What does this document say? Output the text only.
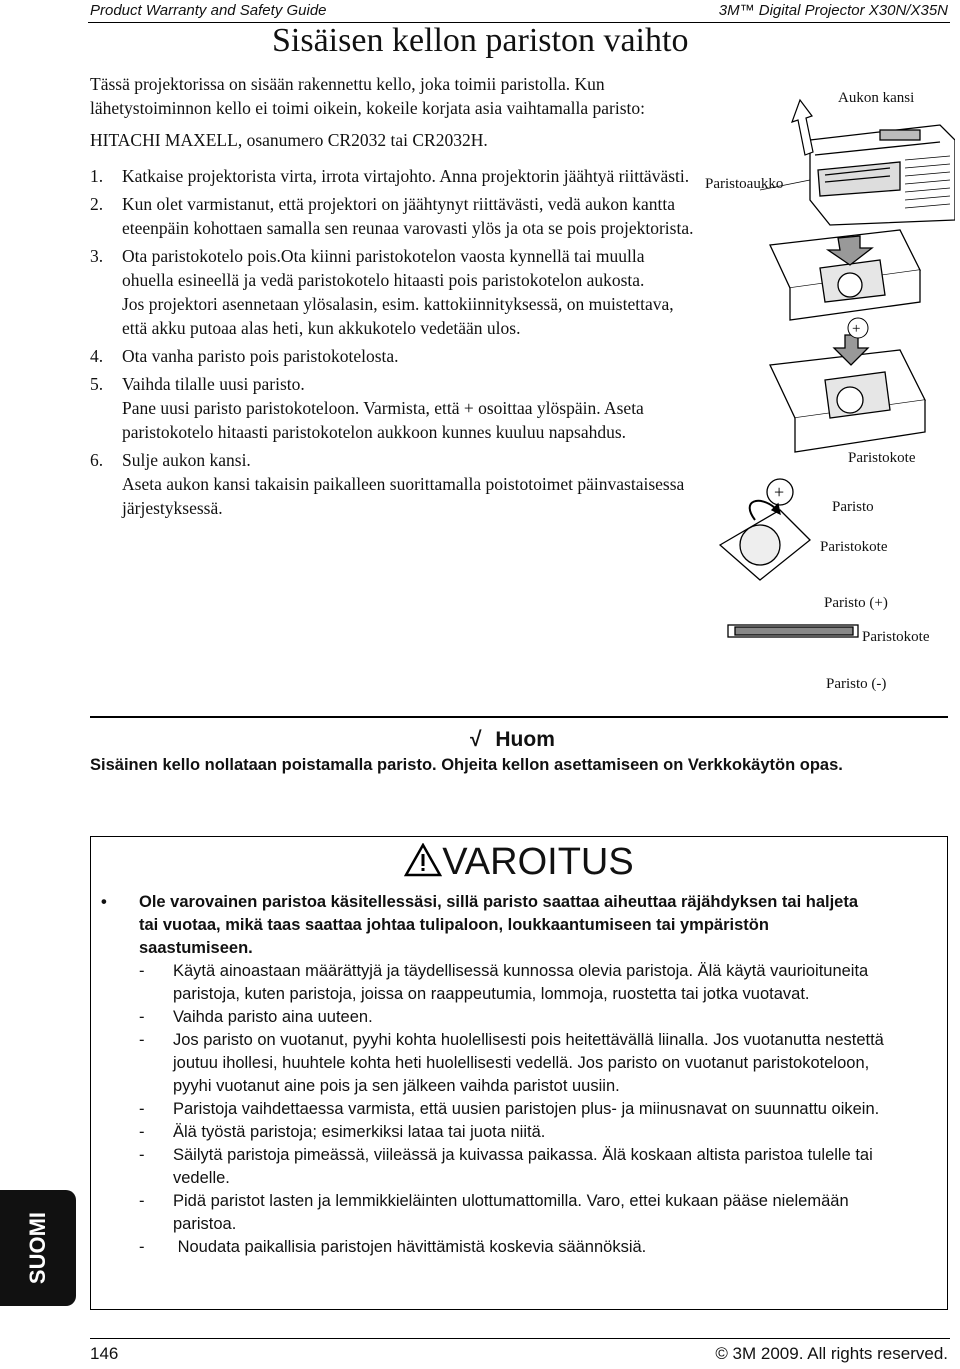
Product Warranty and Safety Guide	3M™ Digital Projector X30N/X35N
Sisäisen kellon pariston vaihto
Tässä projektorissa on sisään rakennettu kello, joka toimii paristolla. Kun lähetystoiminnon kello ei toimi oikein, kokeile korjata asia vaihtamalla paristo:
HITACHI MAXELL, osanumero CR2032 tai CR2032H.
1.	Katkaise projektorista virta, irrota virtajohto. Anna projektorin jäähtyä riittävästi.
2.	Kun olet varmistanut, että projektori on jäähtynyt riittävästi, vedä aukon kantta eteenpäin kohottaen samalla sen reunaa varovasti ylös ja ota se pois projektorista.
3.	Ota paristokotelo pois.Ota kiinni paristokotelon vaosta kynnellä tai muulla ohuella esineellä ja vedä paristokotelo hitaasti pois paristokotelon aukosta.
Jos projektori asennetaan ylösalasin, esim. kattokiinnityksessä, on muistettava, että akku putoaa alas heti, kun akkukotelo vedetään ulos.
4.	Ota vanha paristo pois paristokotelosta.
5.	Vaihda tilalle uusi paristo.
Pane uusi paristo paristokoteloon. Varmista, että + osoittaa ylöspäin. Aseta paristokotelo hitaasti paristokotelon aukkoon kunnes kuuluu napsahdus.
6.	Sulje aukon kansi.
Aseta aukon kansi takaisin paikalleen suorittamalla poistotoimet päinvastaisessa järjestyksessä.
+
+
Aukon kansi
Paristoaukko
Paristokote
Paristo
Paristokote
Paristo (+)
Paristokote
Paristo (-)
√ Huom
Sisäinen kello nollataan poistamalla paristo. Ohjeita kellon asettamiseen on Verkkokäytön opas.
VAROITUS
•	Ole varovainen paristoa käsitellessäsi, sillä paristo saattaa aiheuttaa räjähdyksen tai haljeta tai vuotaa, mikä taas saattaa johtaa tulipaloon, loukkaantumiseen tai ympäristön saastumiseen.
-	Käytä ainoastaan määrättyjä ja täydellisessä kunnossa olevia paristoja. Älä käytä vaurioituneita paristoja, kuten paristoja, joissa on raappeutumia, lommoja, ruostetta tai jotka vuotavat.
-	Vaihda paristo aina uuteen.
-	Jos paristo on vuotanut, pyyhi kohta huolellisesti pois heitettävällä liinalla. Jos vuotanutta nestettä joutuu ihollesi, huuhtele kohta heti huolellisesti vedellä. Jos paristo on vuotanut paristokoteloon, pyyhi vuotanut aine pois ja sen jälkeen vaihda paristot uusiin.
-	Paristoja vaihdettaessa varmista, että uusien paristojen plus- ja miinusnavat on suunnattu oikein.
-	Älä työstä paristoja; esimerkiksi lataa tai juota niitä.
-	Säilytä paristoja pimeässä, viileässä ja kuivassa paikassa. Älä koskaan altista paristoa tulelle tai vedelle.
-	Pidä paristot lasten ja lemmikkieläinten ulottumattomilla. Varo, ettei kukaan pääse nielemään paristoa.
-	Noudata paikallisia paristojen hävittämistä koskevia säännöksiä.
SUOMI
146	© 3M 2009. All rights reserved.
